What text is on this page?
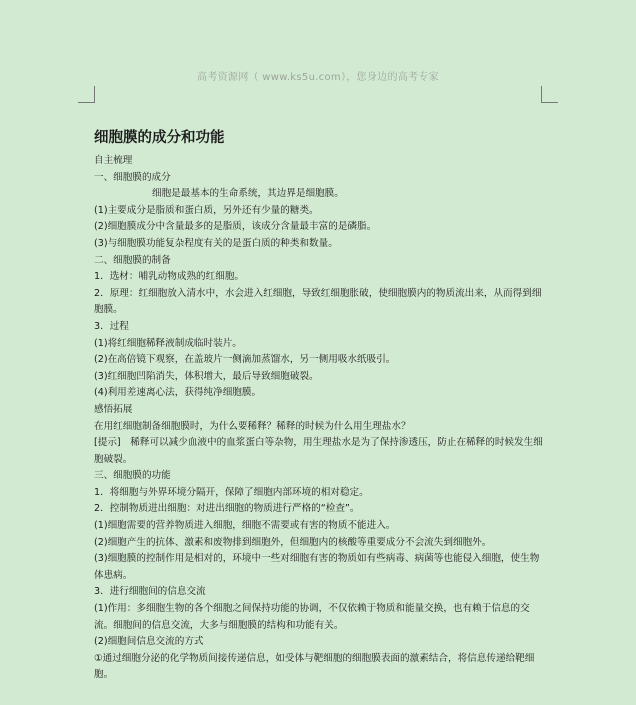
高考资源网（ www.ks5u.com），您身边的高考专家
细胞膜的成分和功能
自主梳理
一、细胞膜的成分
细胞是最基本的生命系统，其边界是细胞膜。
(1)主要成分是脂质和蛋白质，另外还有少量的糖类。
(2)细胞膜成分中含量最多的是脂质，该成分含量最丰富的是磷脂。
(3)与细胞膜功能复杂程度有关的是蛋白质的种类和数量。
二、细胞膜的制备
1．选材：哺乳动物成熟的红细胞。
2．原理：红细胞放入清水中，水会进入红细胞，导致红细胞胀破，使细胞膜内的物质流出来，从而得到细胞膜。
3．过程
(1)将红细胞稀释液制成临时装片。
(2)在高倍镜下观察，在盖玻片一侧滴加蒸馏水，另一侧用吸水纸吸引。
(3)红细胞凹陷消失，体积增大，最后导致细胞破裂。
(4)利用差速离心法，获得纯净细胞膜。
感悟拓展
在用红细胞制备细胞膜时，为什么要稀释？稀释的时候为什么用生理盐水？
[提示]　稀释可以减少血液中的血浆蛋白等杂物，用生理盐水是为了保持渗透压，防止在稀释的时候发生细胞破裂。
三、细胞膜的功能
1．将细胞与外界环境分隔开，保障了细胞内部环境的相对稳定。
2．控制物质进出细胞：对进出细胞的物质进行严格的“检查”。
(1)细胞需要的营养物质进入细胞，细胞不需要或有害的物质不能进入。
(2)细胞产生的抗体、激素和废物排到细胞外，但细胞内的核酸等重要成分不会流失到细胞外。
(3)细胞膜的控制作用是相对的，环境中一些对细胞有害的物质如有些病毒、病菌等也能侵入细胞，使生物体患病。
3．进行细胞间的信息交流
(1)作用：多细胞生物的各个细胞之间保持功能的协调，不仅依赖于物质和能量交换，也有赖于信息的交流。细胞间的信息交流，大多与细胞膜的结构和功能有关。
(2)细胞间信息交流的方式
①通过细胞分泌的化学物质间接传递信息，如受体与靶细胞的细胞膜表面的激素结合，将信息传递给靶细胞。
